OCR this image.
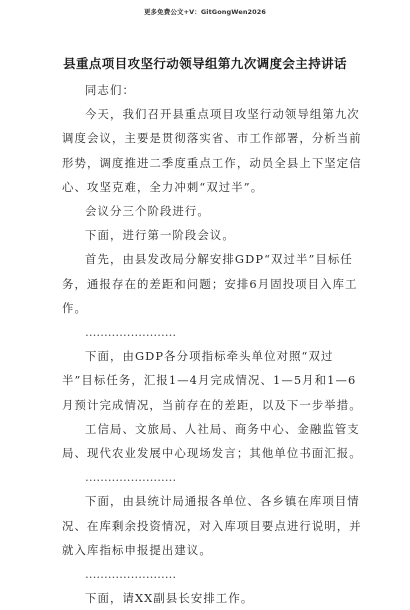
更多免费公文+V：GitGongWen2026
县重点项目攻坚行动领导组第九次调度会主持讲话

同志们：

今天，我们召开县重点项目攻坚行动领导组第九次调度会议，主要是贯彻落实省、市工作部署，分析当前形势，调度推进二季度重点工作，动员全县上下坚定信心、攻坚克难，全力冲刺“双过半”。

会议分三个阶段进行。

下面，进行第一阶段会议。

首先，由县发改局分解安排GDP“双过半”目标任务，通报存在的差距和问题；安排6月固投项目入库工作。

……………………

下面，由GDP各分项指标牵头单位对照“双过半”目标任务，汇报1—4月完成情况、1—5月和1—6月预计完成情况，当前存在的差距，以及下一步举措。

工信局、文旅局、人社局、商务中心、金融监管支局、现代农业发展中心现场发言；其他单位书面汇报。

……………………

下面，由县统计局通报各单位、各乡镇在库项目情况、在库剩余投资情况，对入库项目要点进行说明，并就入库指标申报提出建议。

……………………

下面，请XX副县长安排工作。
